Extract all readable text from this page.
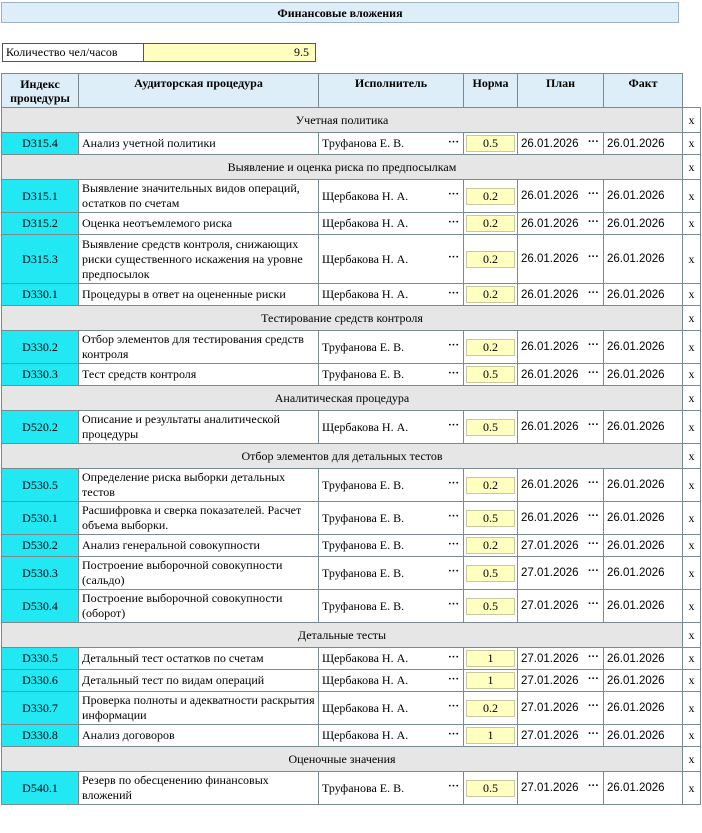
Финансовые вложения
Количество чел/часов	9.5
Индекс процедуры	Аудиторская процедура	Исполнитель	Норма	План	Факт	
Учетная политика						x
D315.4	Анализ учетной политики	Труфанова Е. В. ···	0.5	26.01.2026 ···	26.01.2026	x
Выявление и оценка риска по предпосылкам						x
D315.1	Выявление значительных видов операций, остатков по счетам	Щербакова Н. А. ···	0.2	26.01.2026 ···	26.01.2026	x
D315.2	Оценка неотъемлемого риска	Щербакова Н. А. ···	0.2	26.01.2026 ···	26.01.2026	x
D315.3	Выявление средств контроля, снижающих риски существенного искажения на уровне предпосылок	Щербакова Н. А. ···	0.2	26.01.2026 ···	26.01.2026	x
D330.1	Процедуры в ответ на оцененные риски	Щербакова Н. А. ···	0.2	26.01.2026 ···	26.01.2026	x
Тестирование средств контроля						x
D330.2	Отбор элементов для тестирования средств контроля	Труфанова Е. В. ···	0.2	26.01.2026 ···	26.01.2026	x
D330.3	Тест средств контроля	Труфанова Е. В. ···	0.5	26.01.2026 ···	26.01.2026	x
Аналитическая процедура						x
D520.2	Описание и результаты аналитической процедуры	Щербакова Н. А. ···	0.5	26.01.2026 ···	26.01.2026	x
Отбор элементов для детальных тестов						x
D530.5	Определение риска выборки детальных тестов	Труфанова Е. В. ···	0.2	26.01.2026 ···	26.01.2026	x
D530.1	Расшифровка и сверка показателей. Расчет объема выборки.	Труфанова Е. В. ···	0.5	26.01.2026 ···	26.01.2026	x
D530.2	Анализ генеральной совокупности	Труфанова Е. В. ···	0.2	27.01.2026 ···	26.01.2026	x
D530.3	Построение выборочной совокупности (сальдо)	Труфанова Е. В. ···	0.5	27.01.2026 ···	26.01.2026	x
D530.4	Построение выборочной совокупности (оборот)	Труфанова Е. В. ···	0.5	27.01.2026 ···	26.01.2026	x
Детальные тесты						x
D330.5	Детальный тест остатков по счетам	Щербакова Н. А. ···	1	27.01.2026 ···	26.01.2026	x
D330.6	Детальный тест по видам операций	Щербакова Н. А. ···	1	27.01.2026 ···	26.01.2026	x
D330.7	Проверка полноты и адекватности раскрытия информации	Щербакова Н. А. ···	0.2	27.01.2026 ···	26.01.2026	x
D330.8	Анализ договоров	Щербакова Н. А. ···	1	27.01.2026 ···	26.01.2026	x
Оценочные значения						x
D540.1	Резерв по обесценению финансовых вложений	Труфанова Е. В. ···	0.5	27.01.2026 ···	26.01.2026	x
